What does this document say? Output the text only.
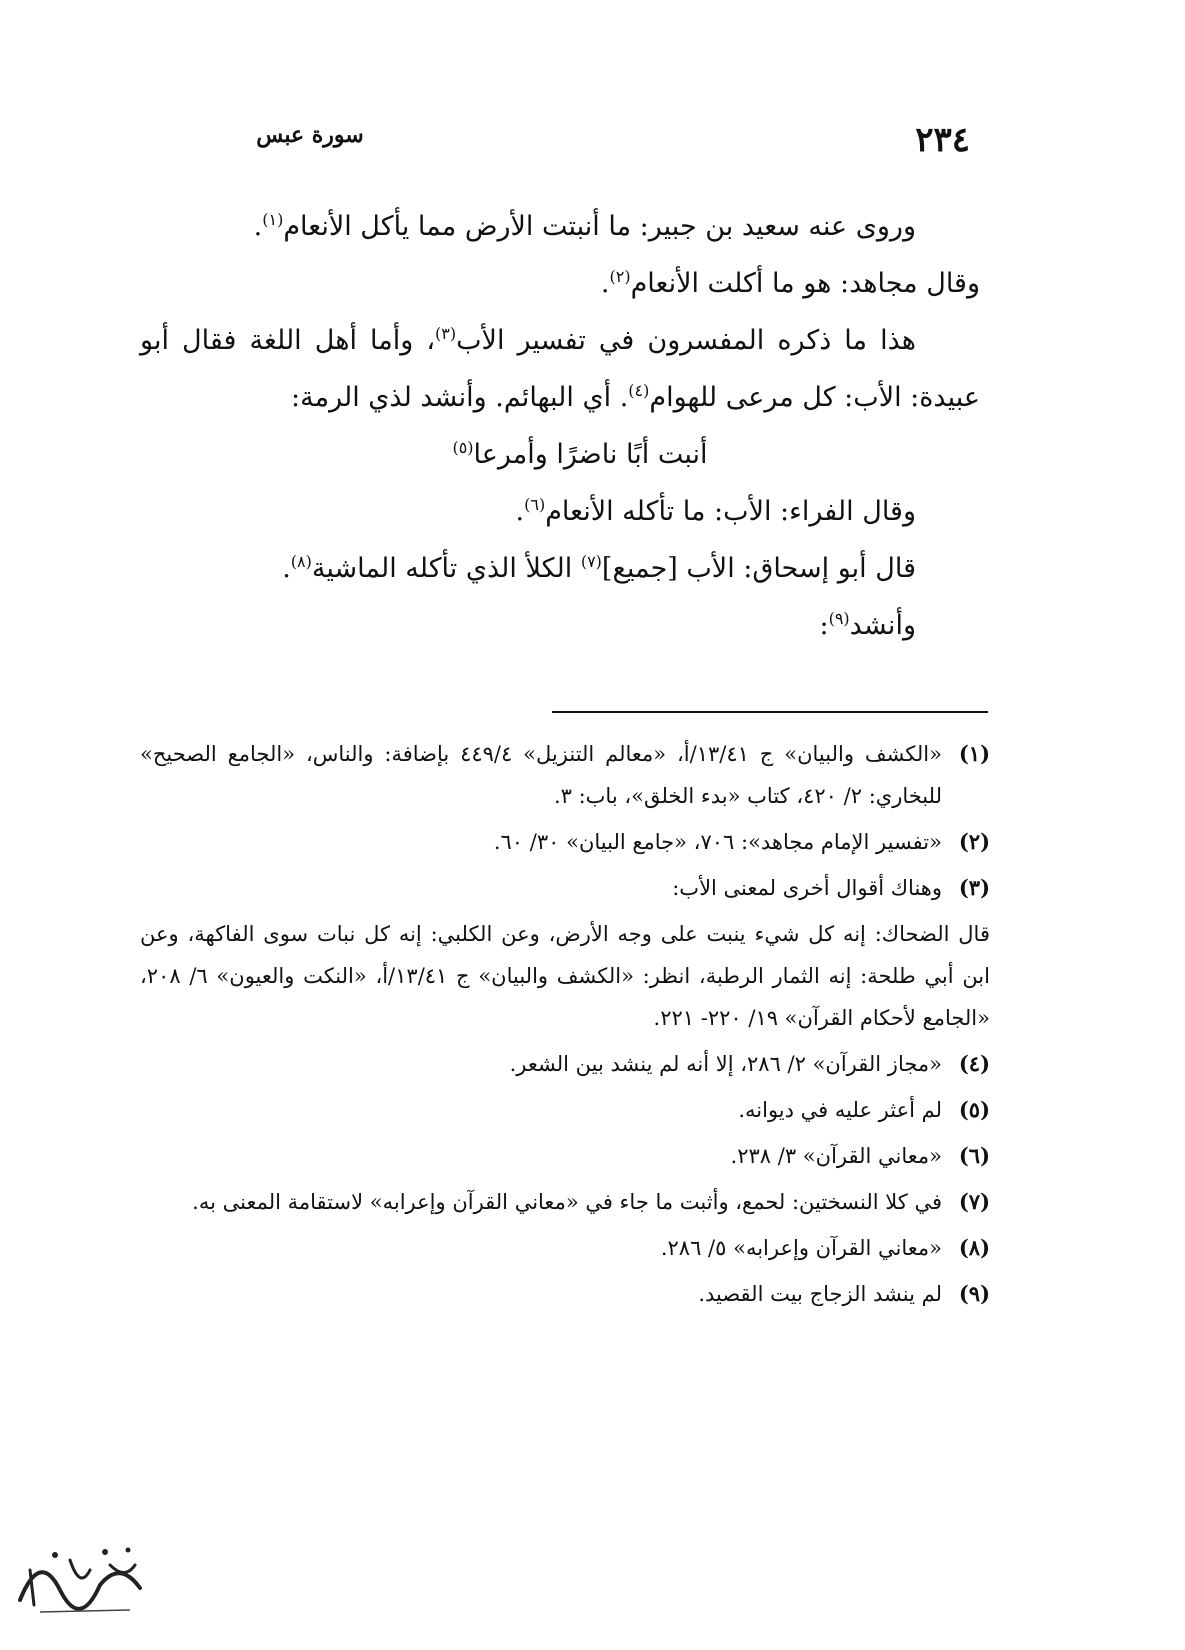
٢٣٤
سورة عبس

وروى عنه سعيد بن جبير: ما أنبتت الأرض مما يأكل الأنعام$^{(١)}$.

وقال مجاهد: هو ما أكلت الأنعام$^{(٢)}$.

هذا ما ذكره المفسرون في تفسير الأب$^{(٣)}$، وأما أهل اللغة فقال أبو عبيدة: الأب: كل مرعى للهوام$^{(٤)}$. أي البهائم. وأنشد لذي الرمة:

أنبت أبًا ناضرًا وأمرعا$^{(٥)}$

وقال الفراء: الأب: ما تأكله الأنعام$^{(٦)}$.

قال أبو إسحاق: الأب [جميع]$^{(٧)}$ الكلأ الذي تأكله الماشية$^{(٨)}$.

وأنشد$^{(٩)}$:

(١)
«الكشف والبيان» ج ١٣/٤١/أ، «معالم التنزيل» ٤٤٩/٤ بإضافة: والناس، «الجامع الصحيح» للبخاري: ٢/ ٤٢٠، كتاب «بدء الخلق»، باب: ٣.
(٢)
«تفسير الإمام مجاهد»: ٧٠٦، «جامع البيان» ٣٠/ ٦٠.
(٣)
وهناك أقوال أخرى لمعنى الأب:
قال الضحاك: إنه كل شيء ينبت على وجه الأرض، وعن الكلبي: إنه كل نبات سوى الفاكهة، وعن ابن أبي طلحة: إنه الثمار الرطبة، انظر: «الكشف والبيان» ج ١٣/٤١/أ، «النكت والعيون» ٦/ ٢٠٨، «الجامع لأحكام القرآن» ١٩/ ٢٢٠- ٢٢١.
(٤)
«مجاز القرآن» ٢/ ٢٨٦، إلا أنه لم ينشد بين الشعر.
(٥)
لم أعثر عليه في ديوانه.
(٦)
«معاني القرآن» ٣/ ٢٣٨.
(٧)
في كلا النسختين: لحمع، وأثبت ما جاء في «معاني القرآن وإعرابه» لاستقامة المعنى به.
(٨)
«معاني القرآن وإعرابه» ٥/ ٢٨٦.
(٩)
لم ينشد الزجاج بيت القصيد.
